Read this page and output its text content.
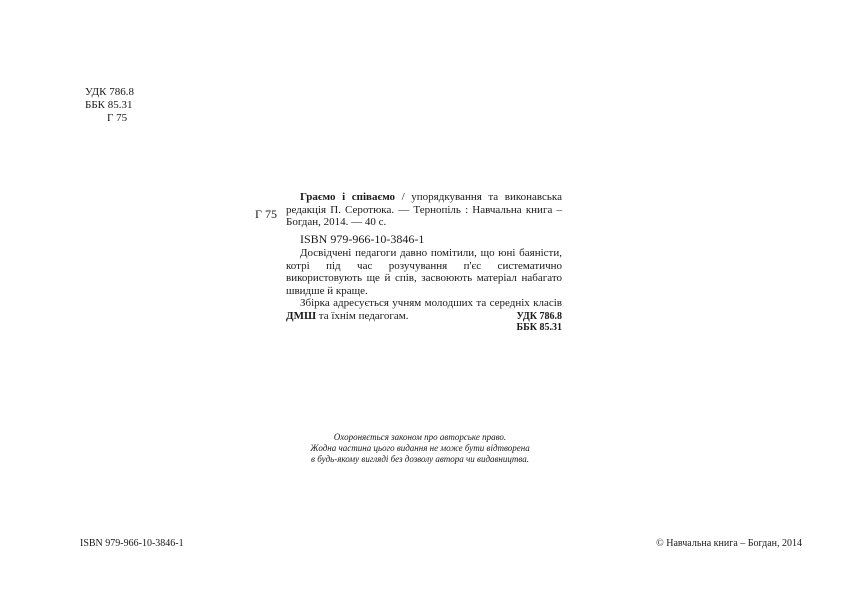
УДК 786.8
ББК 85.31
Г 75
Г 75

Граємо і співаємо / упорядкування та виконавська редакція П. Серотюка. — Тернопіль : Навчальна книга – Богдан, 2014. — 40 с.

ISBN 979-966-10-3846-1

Досвідчені педагоги давно помітили, що юні баяністи, котрі під час розучування п'єс систематично використовують ще й спів, засвоюють матеріал набагато швидше й краще.

Збірка адресується учням молодших та середніх класів ДМШ та їхнім педагогам.	УДК 786.8
ББК 85.31
Охороняється законом про авторське право.
Жодна частина цього видання не може бути відтворена
в будь-якому вигляді без дозволу автора чи видавництва.
ISBN 979-966-10-3846-1	© Навчальна книга – Богдан, 2014
